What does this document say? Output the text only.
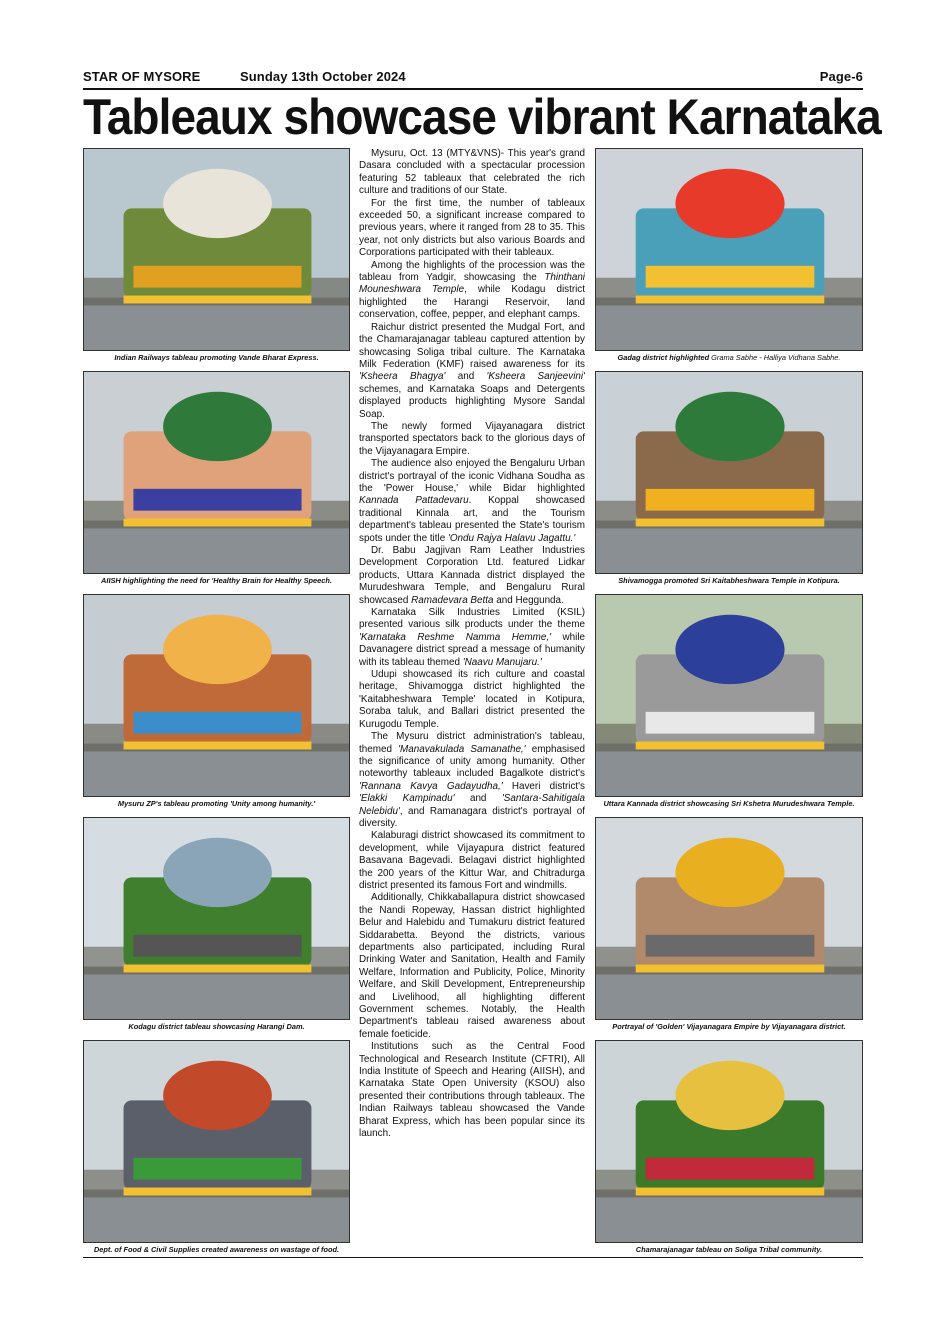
STAR OF MYSORE	Sunday 13th October 2024	Page-6
Tableaux showcase vibrant Karnataka
Indian Railways tableau promoting Vande Bharat Express.
AIISH highlighting the need for 'Healthy Brain for Healthy Speech.
Mysuru ZP's tableau promoting 'Unity among humanity.'
Kodagu district tableau showcasing Harangi Dam.
Dept. of Food & Civil Supplies created awareness on wastage of food.

Mysuru, Oct. 13 (MTY&VNS)- This year's grand Dasara concluded with a spectacular procession featuring 52 tableaux that celebrated the rich culture and traditions of our State.

For the first time, the number of tableaux exceeded 50, a significant increase compared to previous years, where it ranged from 28 to 35. This year, not only districts but also various Boards and Corporations participated with their tableaux.

Among the highlights of the procession was the tableau from Yadgir, showcasing the Thinthani Mouneshwara Temple, while Kodagu district highlighted the Harangi Reservoir, land conservation, coffee, pepper, and elephant camps.

Raichur district presented the Mudgal Fort, and the Chamarajanagar tableau captured attention by showcasing Soliga tribal culture. The Karnataka Milk Federation (KMF) raised awareness for its 'Ksheera Bhagya' and 'Ksheera Sanjeevini' schemes, and Karnataka Soaps and Detergents displayed products highlighting Mysore Sandal Soap.

The newly formed Vijayanagara district transported spectators back to the glorious days of the Vijayanagara Empire.

The audience also enjoyed the Bengaluru Urban district's portrayal of the iconic Vidhana Soudha as the 'Power House,' while Bidar highlighted Kannada Pattadevaru. Koppal showcased traditional Kinnala art, and the Tourism department's tableau presented the State's tourism spots under the title 'Ondu Rajya Halavu Jagattu.'

Dr. Babu Jagjivan Ram Leather Industries Development Corporation Ltd. featured Lidkar products, Uttara Kannada district displayed the Murudeshwara Temple, and Bengaluru Rural showcased Ramadevara Betta and Heggunda.

Karnataka Silk Industries Limited (KSIL) presented various silk products under the theme 'Karnataka Reshme Namma Hemme,' while Davanagere district spread a message of humanity with its tableau themed 'Naavu Manujaru.'

Udupi showcased its rich culture and coastal heritage, Shivamogga district highlighted the 'Kaitabheshwara Temple' located in Kotipura, Soraba taluk, and Ballari district presented the Kurugodu Temple.

The Mysuru district administration's tableau, themed 'Manavakulada Samanathe,' emphasised the significance of unity among humanity. Other noteworthy tableaux included Bagalkote district's 'Rannana Kavya Gadayudha,' Haveri district's 'Elakki Kampinadu' and 'Santara-Sahitigala Nelebidu', and Ramanagara district's portrayal of diversity.

Kalaburagi district showcased its commitment to development, while Vijayapura district featured Basavana Bagevadi. Belagavi district highlighted the 200 years of the Kittur War, and Chitradurga district presented its famous Fort and windmills.

Additionally, Chikkaballapura district showcased the Nandi Ropeway, Hassan district highlighted Belur and Halebidu and Tumakuru district featured Siddarabetta. Beyond the districts, various departments also participated, including Rural Drinking Water and Sanitation, Health and Family Welfare, Information and Publicity, Police, Minority Welfare, and Skill Development, Entrepreneurship and Livelihood, all highlighting different Government schemes. Notably, the Health Department's tableau raised awareness about female foeticide.

Institutions such as the Central Food Technological and Research Institute (CFTRI), All India Institute of Speech and Hearing (AIISH), and Karnataka State Open University (KSOU) also presented their contributions through tableaux. The Indian Railways tableau showcased the Vande Bharat Express, which has been popular since its launch.

Gadag district highlighted Grama Sabhe - Halliya Vidhana Sabhe.
Shivamogga promoted Sri Kaitabheshwara Temple in Kotipura.
Uttara Kannada district showcasing Sri Kshetra Murudeshwara Temple.
Portrayal of 'Golden' Vijayanagara Empire by Vijayanagara district.
Chamarajanagar tableau on Soliga Tribal community.
